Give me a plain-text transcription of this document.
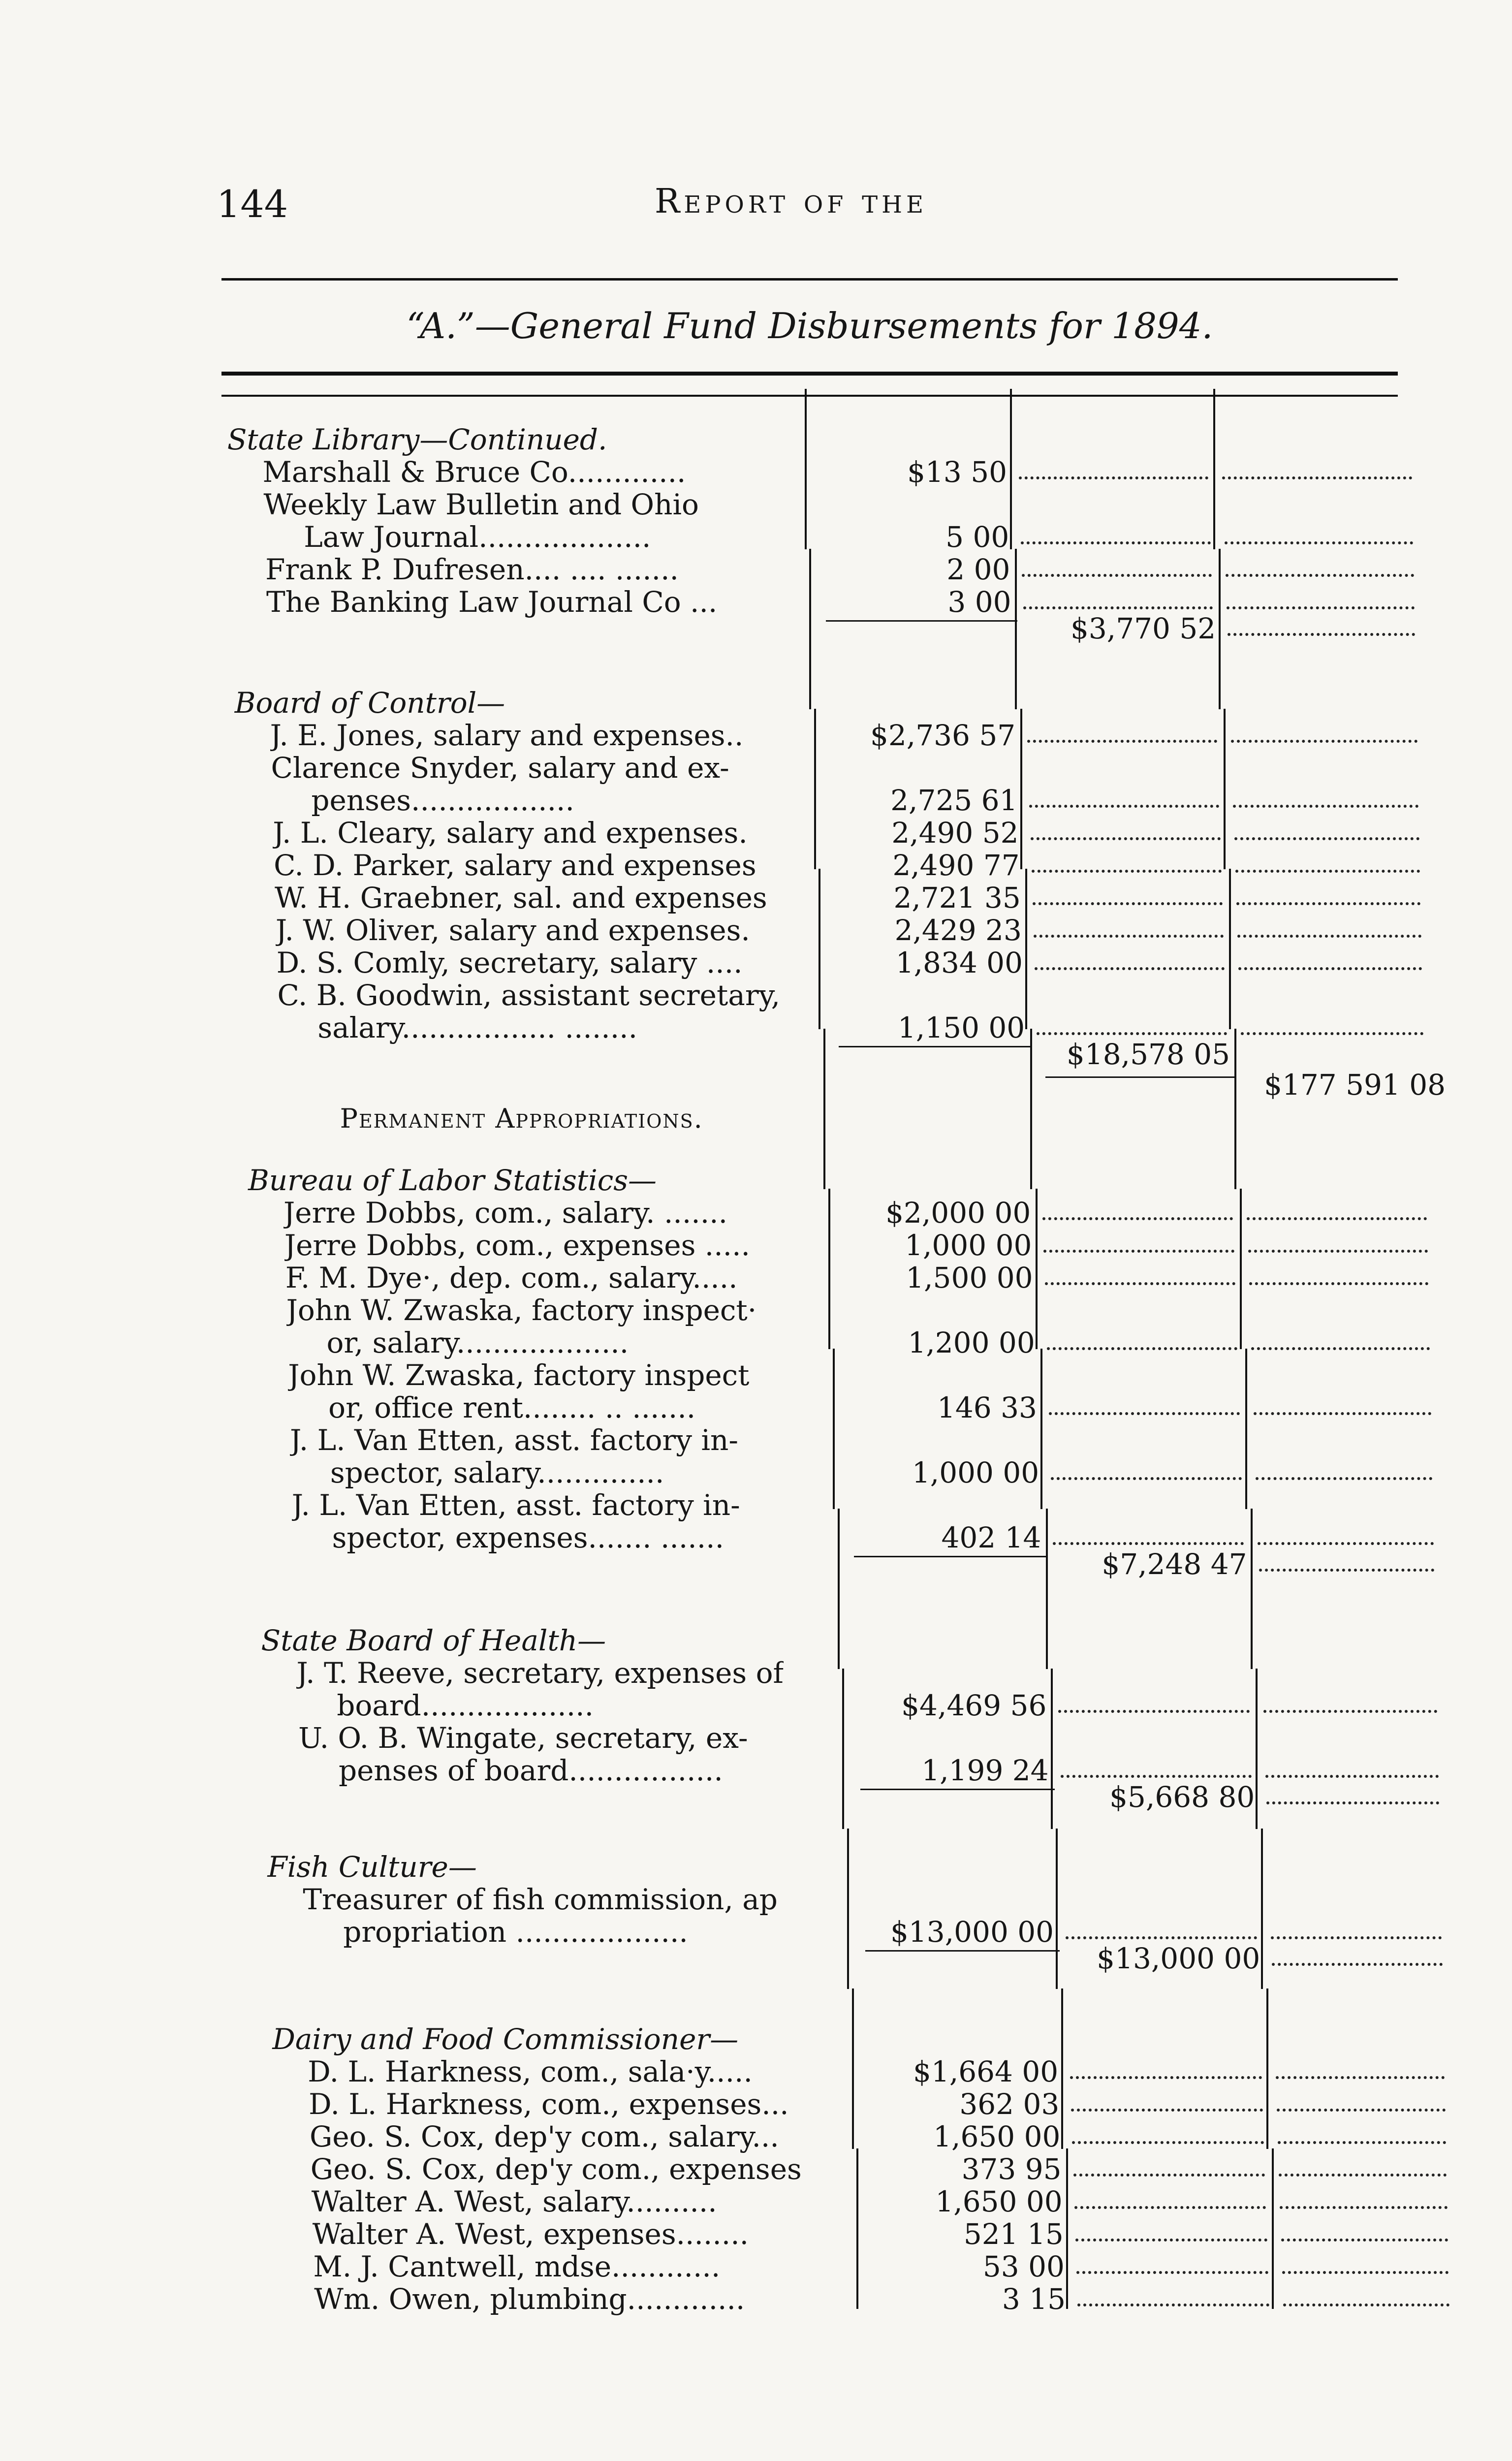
144	Report of the
“A.”—General Fund Disbursements for 1894.
State Library—Continued.
Marshall & Bruce Co.............	$13 50
Weekly Law Bulletin and Ohio
Law Journal...................	5 00
Frank P. Dufresen.... .... .......	2 00
The Banking Law Journal Co ...	3 00
$3,770 52
Board of Control—
J. E. Jones, salary and expenses..	$2,736 57
Clarence Snyder, salary and ex-
penses..................	2,725 61
J. L. Cleary, salary and expenses.	2,490 52
C. D. Parker, salary and expenses	2,490 77
W. H. Graebner, sal. and expenses	2,721 35
J. W. Oliver, salary and expenses.	2,429 23
D. S. Comly, secretary, salary ....	1,834 00
C. B. Goodwin, assistant secretary,
salary................. ........	1,150 00
$18,578 05
$177 591 08
Permanent Appropriations.
Bureau of Labor Statistics—
Jerre Dobbs, com., salary. .......	$2,000 00
Jerre Dobbs, com., expenses .....	1,000 00
F. M. Dye·, dep. com., salary.....	1,500 00
John W. Zwaska, factory inspect·
or, salary...................	1,200 00
John W. Zwaska, factory inspect
or, office rent........ .. .......	146 33
J. L. Van Etten, asst. factory in-
spector, salary..............	1,000 00
J. L. Van Etten, asst. factory in-
spector, expenses....... .......	402 14
$7,248 47
State Board of Health—
J. T. Reeve, secretary, expenses of
board...................	$4,469 56
U. O. B. Wingate, secretary, ex-
penses of board.................	1,199 24
$5,668 80
Fish Culture—
Treasurer of fish commission, ap
propriation ...................	$13,000 00
$13,000 00
Dairy and Food Commissioner—
D. L. Harkness, com., sala·y.....	$1,664 00
D. L. Harkness, com., expenses...	362 03
Geo. S. Cox, dep'y com., salary...	1,650 00
Geo. S. Cox, dep'y com., expenses	373 95
Walter A. West, salary..........	1,650 00
Walter A. West, expenses........	521 15
M. J. Cantwell, mdse............	53 00
Wm. Owen, plumbing.............	3 15
